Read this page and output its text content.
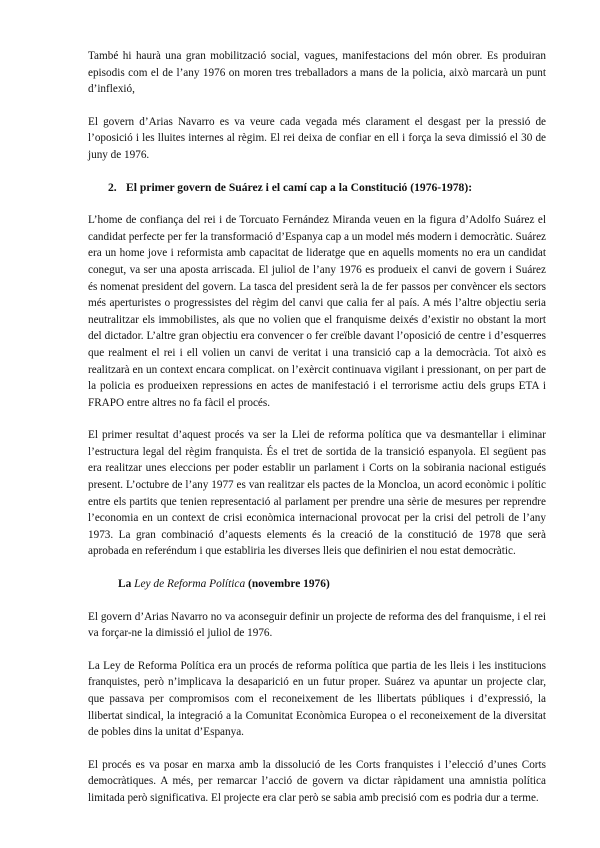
També hi haurà una gran mobilització social, vagues, manifestacions del món obrer. Es produiran episodis com el de l’any 1976 on moren tres treballadors a mans de la policia, això marcarà un punt d’inflexió,

El govern d’Arias Navarro es va veure cada vegada més clarament el desgast per la pressió de l’oposició i les lluites internes al règim. El rei deixa de confiar en ell i força la seva dimissió el 30 de juny de 1976.

2. El primer govern de Suárez i el camí cap a la Constitució (1976-1978):

L’home de confiança del rei i de Torcuato Fernández Miranda veuen en la figura d’Adolfo Suárez el candidat perfecte per fer la transformació d’Espanya cap a un model més modern i democràtic. Suárez era un home jove i reformista amb capacitat de lideratge que en aquells moments no era un candidat conegut, va ser una aposta arriscada. El juliol de l’any 1976 es produeix el canvi de govern i Suárez és nomenat president del govern. La tasca del president serà la de fer passos per convèncer els sectors més aperturistes o progressistes del règim del canvi que calia fer al país. A més l’altre objectiu seria neutralitzar els immobilistes, als que no volien que el franquisme deixés d’existir no obstant la mort del dictador. L’altre gran objectiu era convencer o fer creïble davant l’oposició de centre i d’esquerres que realment el rei i ell volien un canvi de veritat i una transició cap a la democràcia. Tot això es realitzarà en un context encara complicat. on l’exèrcit continuava vigilant i pressionant, on per part de la policia es produeixen repressions en actes de manifestació i el terrorisme actiu dels grups ETA i FRAPO entre altres no fa fàcil el procés.

El primer resultat d’aquest procés va ser la Llei de reforma política que va desmantellar i eliminar l’estructura legal del règim franquista. És el tret de sortida de la transició espanyola. El següent pas era realitzar unes eleccions per poder establir un parlament i Corts on la sobirania nacional estigués present. L’octubre de l’any 1977 es van realitzar els pactes de la Moncloa, un acord econòmic i polític entre els partits que tenien representació al parlament per prendre una sèrie de mesures per reprendre l’economia en un context de crisi econòmica internacional provocat per la crisi del petroli de l’any 1973. La gran combinació d’aquests elements és la creació de la constitució de 1978 que serà aprobada en referéndum i que establiria les diverses lleis que definirien el nou estat democràtic.

La Ley de Reforma Política (novembre 1976)

El govern d’Arias Navarro no va aconseguir definir un projecte de reforma des del franquisme, i el rei va forçar-ne la dimissió el juliol de 1976.

La Ley de Reforma Política era un procés de reforma política que partia de les lleis i les institucions franquistes, però n’implicava la desaparició en un futur proper. Suárez va apuntar un projecte clar, que passava per compromisos com el reconeixement de les llibertats públiques i d’expressió, la llibertat sindical, la integració a la Comunitat Econòmica Europea o el reconeixement de la diversitat de pobles dins la unitat d’Espanya.

El procés es va posar en marxa amb la dissolució de les Corts franquistes i l’elecció d’unes Corts democràtiques. A més, per remarcar l’acció de govern va dictar ràpidament una amnistia política limitada però significativa. El projecte era clar però se sabia amb precisió com es podria dur a terme.
